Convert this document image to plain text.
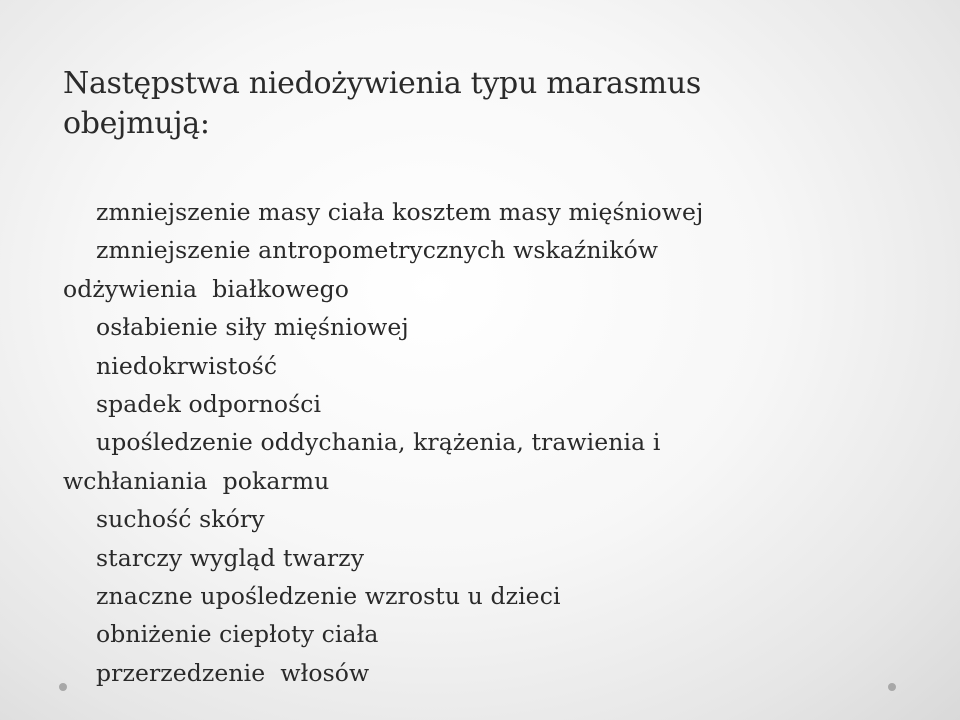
Następstwa niedożywienia typu marasmus
obejmują:
zmniejszenie masy ciała kosztem masy mięśniowej
zmniejszenie antropometrycznych wskaźników
odżywienia  białkowego
osłabienie siły mięśniowej
niedokrwistość
spadek odporności
upośledzenie oddychania, krążenia, trawienia i
wchłaniania  pokarmu
suchość skóry
starczy wygląd twarzy
znaczne upośledzenie wzrostu u dzieci
obniżenie ciepłoty ciała
przerzedzenie  włosów
